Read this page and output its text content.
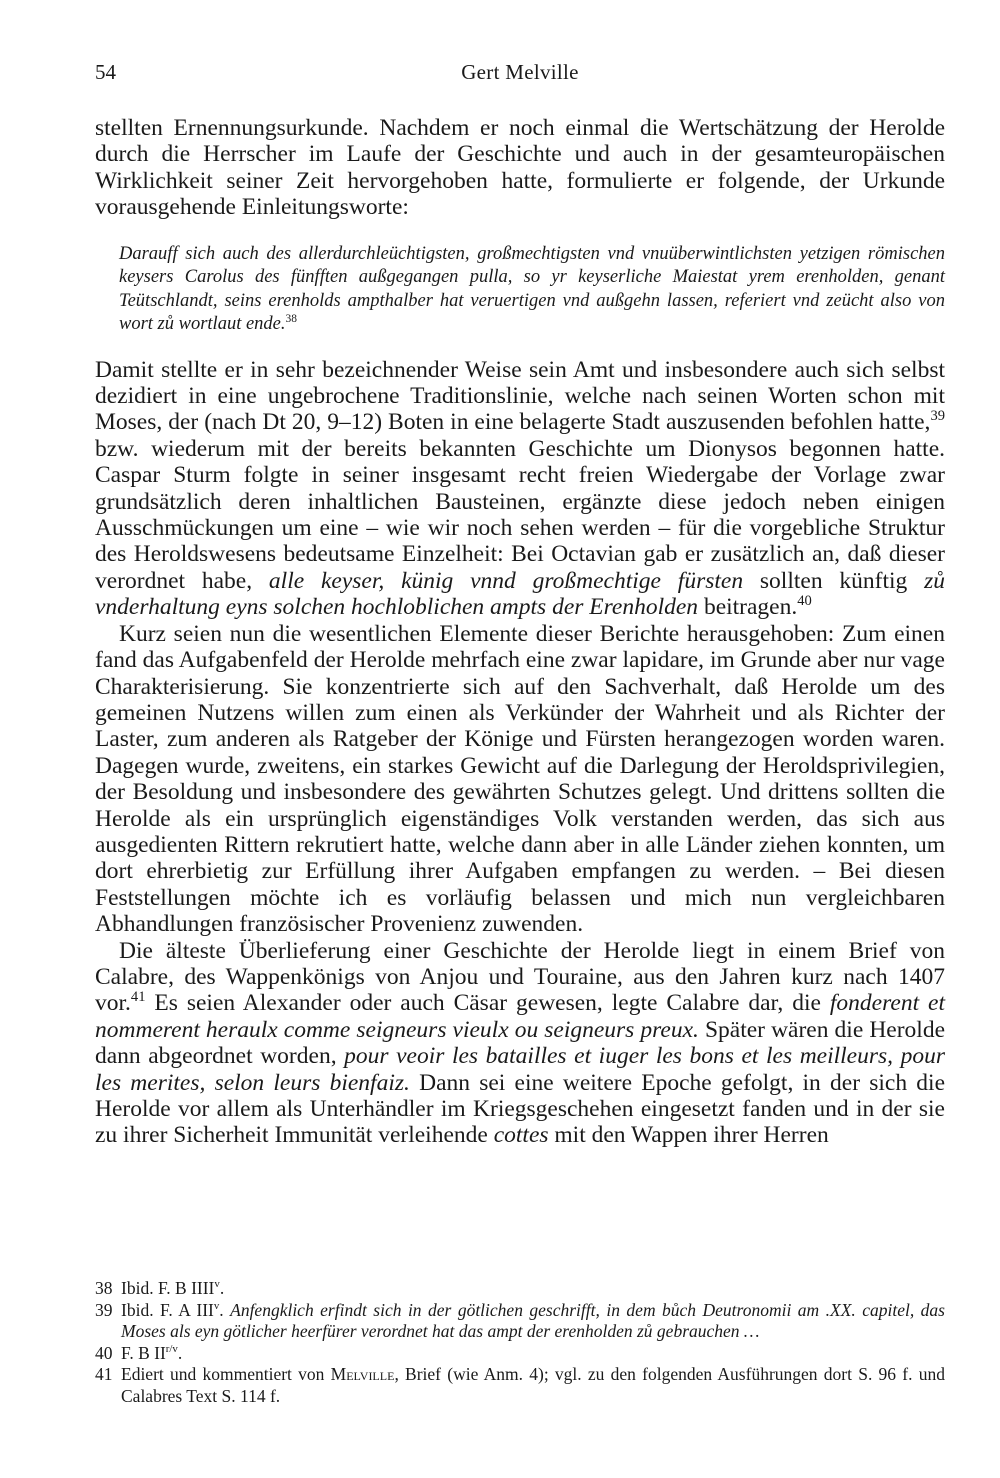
54	Gert Melville

stellten Ernennungsurkunde. Nachdem er noch einmal die Wertschätzung der Herolde durch die Herrscher im Laufe der Geschichte und auch in der gesamteuropäischen Wirklichkeit seiner Zeit hervorgehoben hatte, formulierte er folgende, der Urkunde vorausgehende Einleitungsworte:

Darauff sich auch des allerdurchleüchtigsten, großmechtigsten vnd vnuüberwintlichsten yetzigen römischen keysers Carolus des fünfften außgegangen pulla, so yr keyserliche Maiestat yrem erenholden, genant Teütschlandt, seins erenholds ampthalber hat veruertigen vnd außgehn lassen, referiert vnd zeücht also von wort zů wortlaut ende.$^{38}$

Damit stellte er in sehr bezeichnender Weise sein Amt und insbesondere auch sich selbst dezidiert in eine ungebrochene Traditionslinie, welche nach seinen Worten schon mit Moses, der (nach Dt 20, 9–12) Boten in eine belagerte Stadt auszusenden befohlen hatte,$^{39}$ bzw. wiederum mit der bereits bekannten Geschichte um Dionysos begonnen hatte. Caspar Sturm folgte in seiner insgesamt recht freien Wiedergabe der Vorlage zwar grundsätzlich deren inhaltlichen Bausteinen, ergänzte diese jedoch neben einigen Ausschmückungen um eine – wie wir noch sehen werden – für die vorgebliche Struktur des Heroldswesens bedeutsame Einzelheit: Bei Octavian gab er zusätzlich an, daß dieser verordnet habe, alle keyser, künig vnnd großmechtige fürsten sollten künftig zů vnderhaltung eyns solchen hochloblichen ampts der Erenholden beitragen.$^{40}$

Kurz seien nun die wesentlichen Elemente dieser Berichte herausgehoben: Zum einen fand das Aufgabenfeld der Herolde mehrfach eine zwar lapidare, im Grunde aber nur vage Charakterisierung. Sie konzentrierte sich auf den Sachverhalt, daß Herolde um des gemeinen Nutzens willen zum einen als Verkünder der Wahrheit und als Richter der Laster, zum anderen als Ratgeber der Könige und Fürsten herangezogen worden waren. Dagegen wurde, zweitens, ein starkes Gewicht auf die Darlegung der Heroldsprivilegien, der Besoldung und insbesondere des gewährten Schutzes gelegt. Und drittens sollten die Herolde als ein ursprünglich eigenständiges Volk verstanden werden, das sich aus ausgedienten Rittern rekrutiert hatte, welche dann aber in alle Länder ziehen konnten, um dort ehrerbietig zur Erfüllung ihrer Aufgaben empfangen zu werden. – Bei diesen Feststellungen möchte ich es vorläufig belassen und mich nun vergleichbaren Abhandlungen französischer Provenienz zuwenden.

Die älteste Überlieferung einer Geschichte der Herolde liegt in einem Brief von Calabre, des Wappenkönigs von Anjou und Touraine, aus den Jahren kurz nach 1407 vor.$^{41}$ Es seien Alexander oder auch Cäsar gewesen, legte Calabre dar, die fonderent et nommerent heraulx comme seigneurs vieulx ou seigneurs preux. Später wären die Herolde dann abgeordnet worden, pour veoir les batailles et iuger les bons et les meilleurs, pour les merites, selon leurs bienfaiz. Dann sei eine weitere Epoche gefolgt, in der sich die Herolde vor allem als Unterhändler im Kriegsgeschehen eingesetzt fanden und in der sie zu ihrer Sicherheit Immunität verleihende cottes mit den Wappen ihrer Herren

38 Ibid. F. B IIII$^v$.
39 Ibid. F. A III$^v$. Anfengklich erfindt sich in der götlichen geschrifft, in dem bůch Deutronomii am .XX. capitel, das Moses als eyn götlicher heerfürer verordnet hat das ampt der erenholden zů gebrauchen …
40 F. B $II^{r/v}$.
41 Ediert und kommentiert von Melville, Brief (wie Anm. 4); vgl. zu den folgenden Ausführungen dort S. 96 f. und Calabres Text S. 114 f.
